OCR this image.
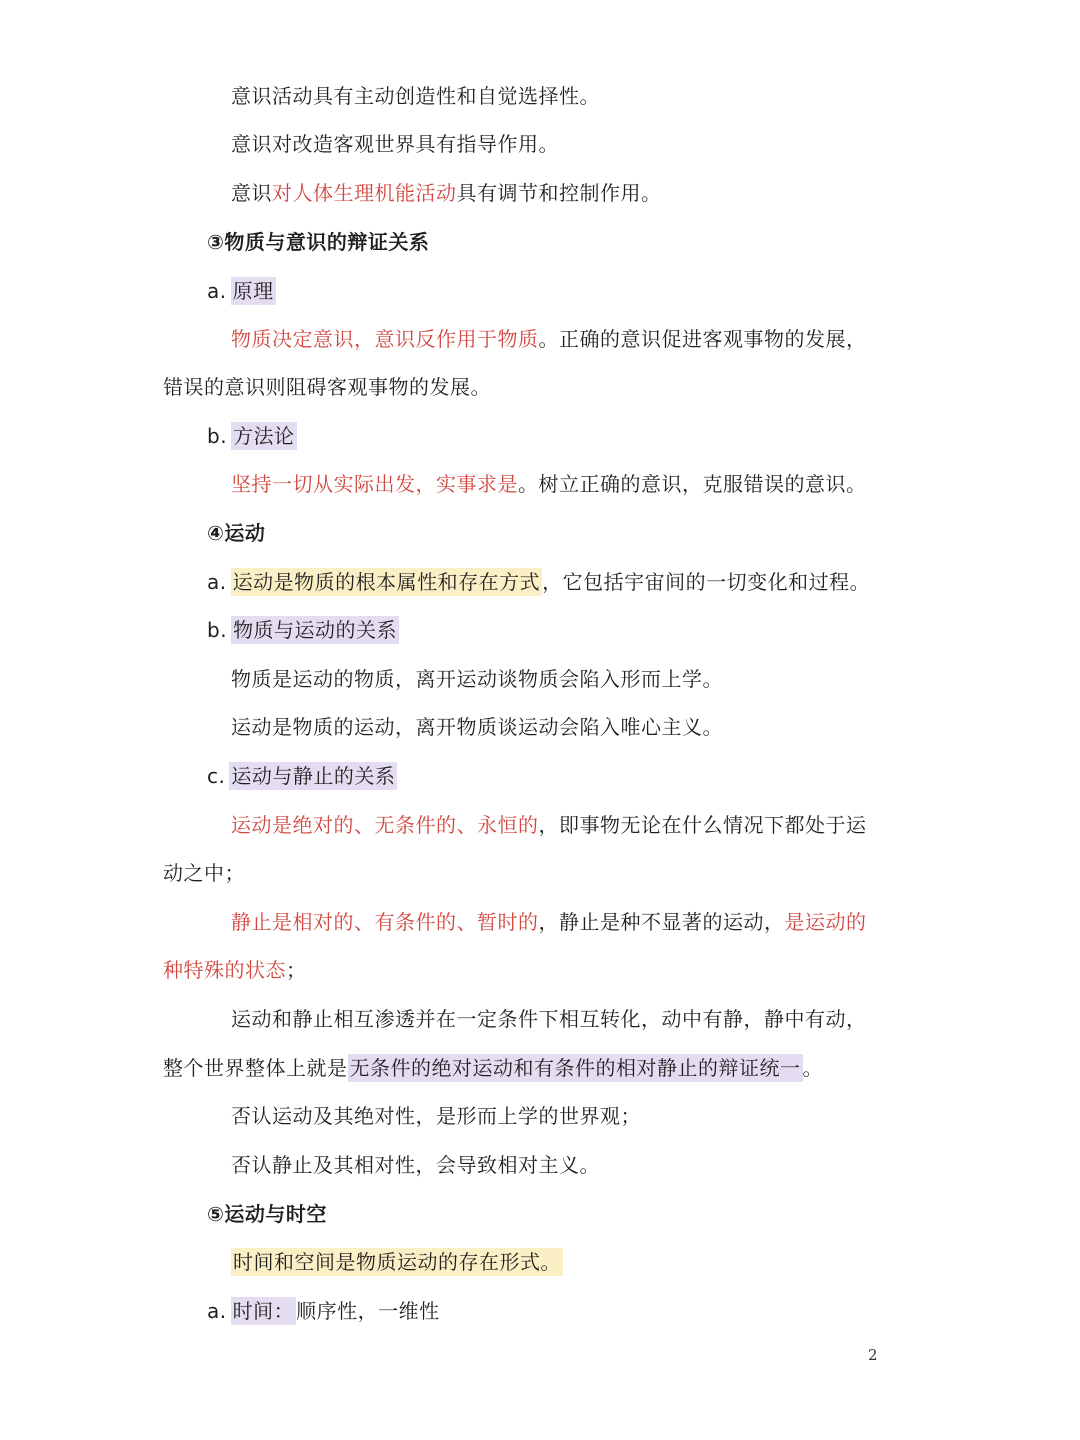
意识活动具有主动创造性和自觉选择性。
意识对改造客观世界具有指导作用。
意识对人体生理机能活动具有调节和控制作用。
③物质与意识的辩证关系
a. 原理
物质决定意识，意识反作用于物质。正确的意识促进客观事物的发展，
错误的意识则阻碍客观事物的发展。
b. 方法论
坚持一切从实际出发，实事求是。树立正确的意识，克服错误的意识。
④运动
a. 运动是物质的根本属性和存在方式 ，它包括宇宙间的一切变化和过程。
b. 物质与运动的关系
物质是运动的物质，离开运动谈物质会陷入形而上学。
运动是物质的运动，离开物质谈运动会陷入唯心主义。
c. 运动与静止的关系
运动是绝对的、无条件的、永恒的，即事物无论在什么情况下都处于运
动之中；
静止是相对的、有条件的、暂时的，静止是种不显著的运动，是运动的
种特殊的状态；
运动和静止相互渗透并在一定条件下相互转化，动中有静，静中有动，
整个世界整体上就是 无条件的绝对运动和有条件的相对静止的辩证统一 。
否认运动及其绝对性，是形而上学的世界观；
否认静止及其相对性，会导致相对主义。
⑤运动与时空
时间和空间是物质运动的存在形式。
a. 时间： 顺序性，一维性
2
